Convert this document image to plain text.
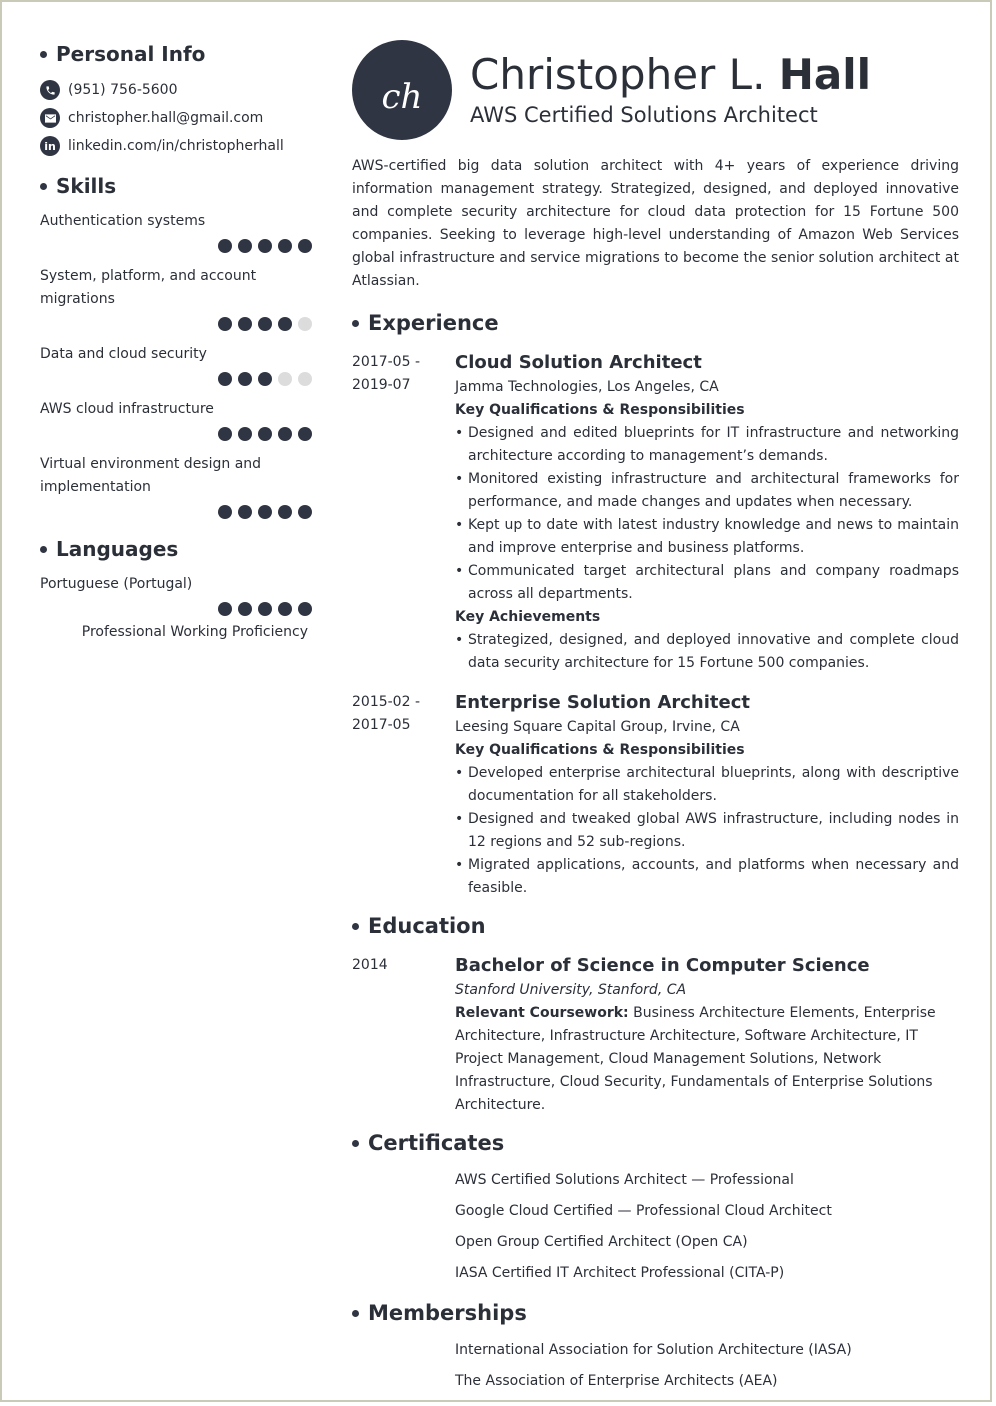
Personal Info
(951) 756-5600
christopher.hall@gmail.com
in linkedin.com/in/christopherhall
Skills
Authentication systems
System, platform, and account migrations
Data and cloud security
AWS cloud infrastructure
Virtual environment design and implementation
Languages
Portuguese (Portugal)
Professional Working Proficiency
ch	Christopher L. Hall
AWS Certified Solutions Architect
AWS-certified big data solution architect with 4+ years of experience driving information management strategy. Strategized, designed, and deployed innovative and complete security architecture for cloud data protection for 15 Fortune 500 companies. Seeking to leverage high-level understanding of Amazon Web Services global infrastructure and service migrations to become the senior solution architect at Atlassian.
Experience
2017-05 -
2019-07
Cloud Solution Architect
Jamma Technologies, Los Angeles, CA
Key Qualifications & Responsibilities
• Designed and edited blueprints for IT infrastructure and networking architecture according to management’s demands.
• Monitored existing infrastructure and architectural frameworks for performance, and made changes and updates when necessary.
• Kept up to date with latest industry knowledge and news to maintain and improve enterprise and business platforms.
• Communicated target architectural plans and company roadmaps across all departments.
Key Achievements
• Strategized, designed, and deployed innovative and complete cloud data security architecture for 15 Fortune 500 companies.
2015-02 -
2017-05
Enterprise Solution Architect
Leesing Square Capital Group, Irvine, CA
Key Qualifications & Responsibilities
• Developed enterprise architectural blueprints, along with descriptive documentation for all stakeholders.
• Designed and tweaked global AWS infrastructure, including nodes in 12 regions and 52 sub-regions.
• Migrated applications, accounts, and platforms when necessary and feasible.
Education
2014	Bachelor of Science in Computer Science
Stanford University, Stanford, CA
Relevant Coursework: Business Architecture Elements, Enterprise Architecture, Infrastructure Architecture, Software Architecture, IT Project Management, Cloud Management Solutions, Network Infrastructure, Cloud Security, Fundamentals of Enterprise Solutions Architecture.
Certificates
AWS Certified Solutions Architect — Professional
Google Cloud Certified — Professional Cloud Architect
Open Group Certified Architect (Open CA)
IASA Certified IT Architect Professional (CITA-P)
Memberships
International Association for Solution Architecture (IASA)
The Association of Enterprise Architects (AEA)
